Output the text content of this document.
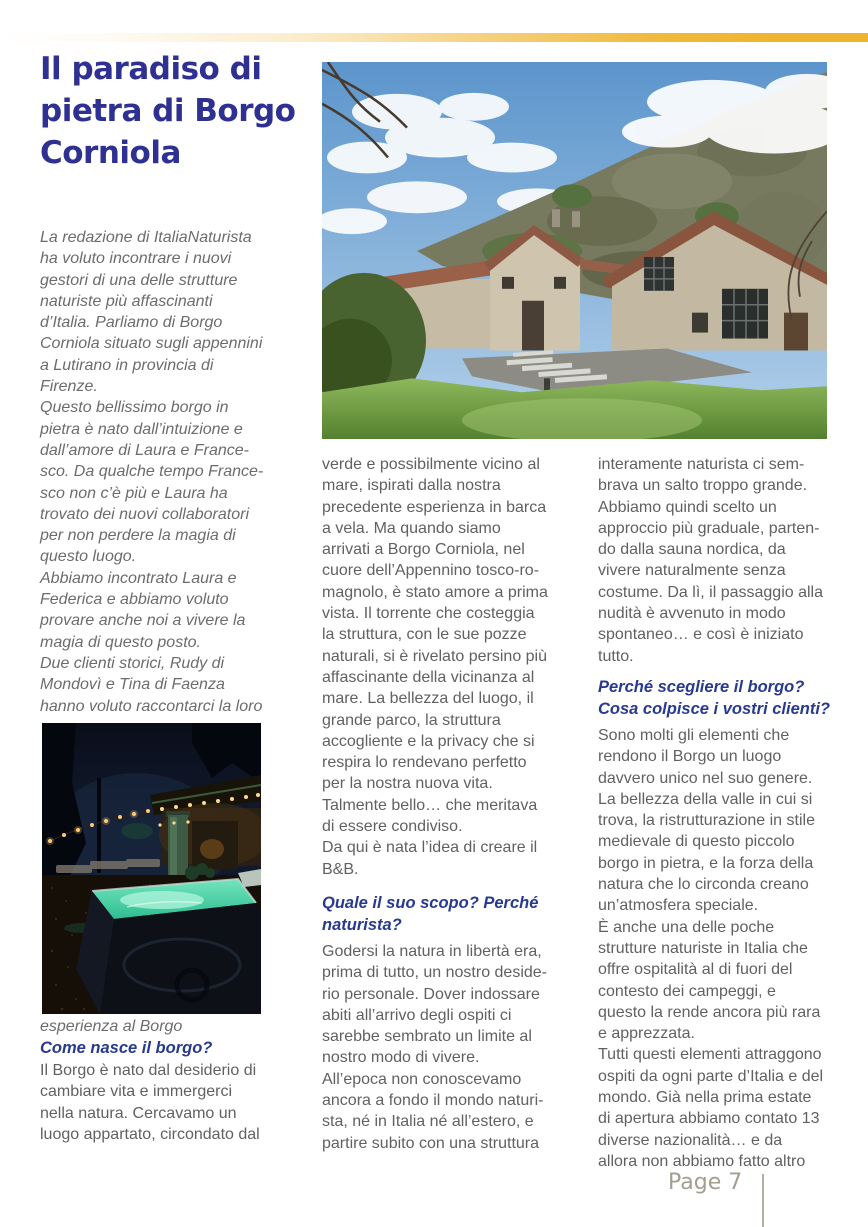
Il paradiso di
pietra di Borgo
Corniola
La redazione di ItaliaNaturista
ha voluto incontrare i nuovi
gestori di una delle strutture
naturiste più affascinanti
d’Italia. Parliamo di Borgo
Corniola situato sugli appennini
a Lutirano in provincia di
Firenze.
Questo bellissimo borgo in
pietra è nato dall’intuizione e
dall’amore di Laura e France-
sco. Da qualche tempo France-
sco non c’è più e Laura ha
trovato dei nuovi collaboratori
per non perdere la magia di
questo luogo.
Abbiamo incontrato Laura e
Federica e abbiamo voluto
provare anche noi a vivere la
magia di questo posto.
Due clienti storici, Rudy di
Mondovì e Tina di Faenza
hanno voluto raccontarci la loro
esperienza al Borgo
Come nasce il borgo?
Il Borgo è nato dal desiderio di
cambiare vita e immergerci
nella natura. Cercavamo un
luogo appartato, circondato dal
verde e possibilmente vicino al
mare, ispirati dalla nostra
precedente esperienza in barca
a vela. Ma quando siamo
arrivati a Borgo Corniola, nel
cuore dell’Appennino tosco-ro-
magnolo, è stato amore a prima
vista. Il torrente che costeggia
la struttura, con le sue pozze
naturali, si è rivelato persino più
affascinante della vicinanza al
mare. La bellezza del luogo, il
grande parco, la struttura
accogliente e la privacy che si
respira lo rendevano perfetto
per la nostra nuova vita.
Talmente bello… che meritava
di essere condiviso.
Da qui è nata l’idea di creare il
B&B.
Quale il suo scopo? Perché
naturista?
Godersi la natura in libertà era,
prima di tutto, un nostro deside-
rio personale. Dover indossare
abiti all’arrivo degli ospiti ci
sarebbe sembrato un limite al
nostro modo di vivere.
All’epoca non conoscevamo
ancora a fondo il mondo naturi-
sta, né in Italia né all’estero, e
partire subito con una struttura
interamente naturista ci sem-
brava un salto troppo grande.
Abbiamo quindi scelto un
approccio più graduale, parten-
do dalla sauna nordica, da
vivere naturalmente senza
costume. Da lì, il passaggio alla
nudità è avvenuto in modo
spontaneo… e così è iniziato
tutto.
Perché scegliere il borgo?
Cosa colpisce i vostri clienti?
Sono molti gli elementi che
rendono il Borgo un luogo
davvero unico nel suo genere.
La bellezza della valle in cui si
trova, la ristrutturazione in stile
medievale di questo piccolo
borgo in pietra, e la forza della
natura che lo circonda creano
un’atmosfera speciale.
È anche una delle poche
strutture naturiste in Italia che
offre ospitalità al di fuori del
contesto dei campeggi, e
questo la rende ancora più rara
e apprezzata.
Tutti questi elementi attraggono
ospiti da ogni parte d’Italia e del
mondo. Già nella prima estate
di apertura abbiamo contato 13
diverse nazionalità… e da
allora non abbiamo fatto altro
Page 7
